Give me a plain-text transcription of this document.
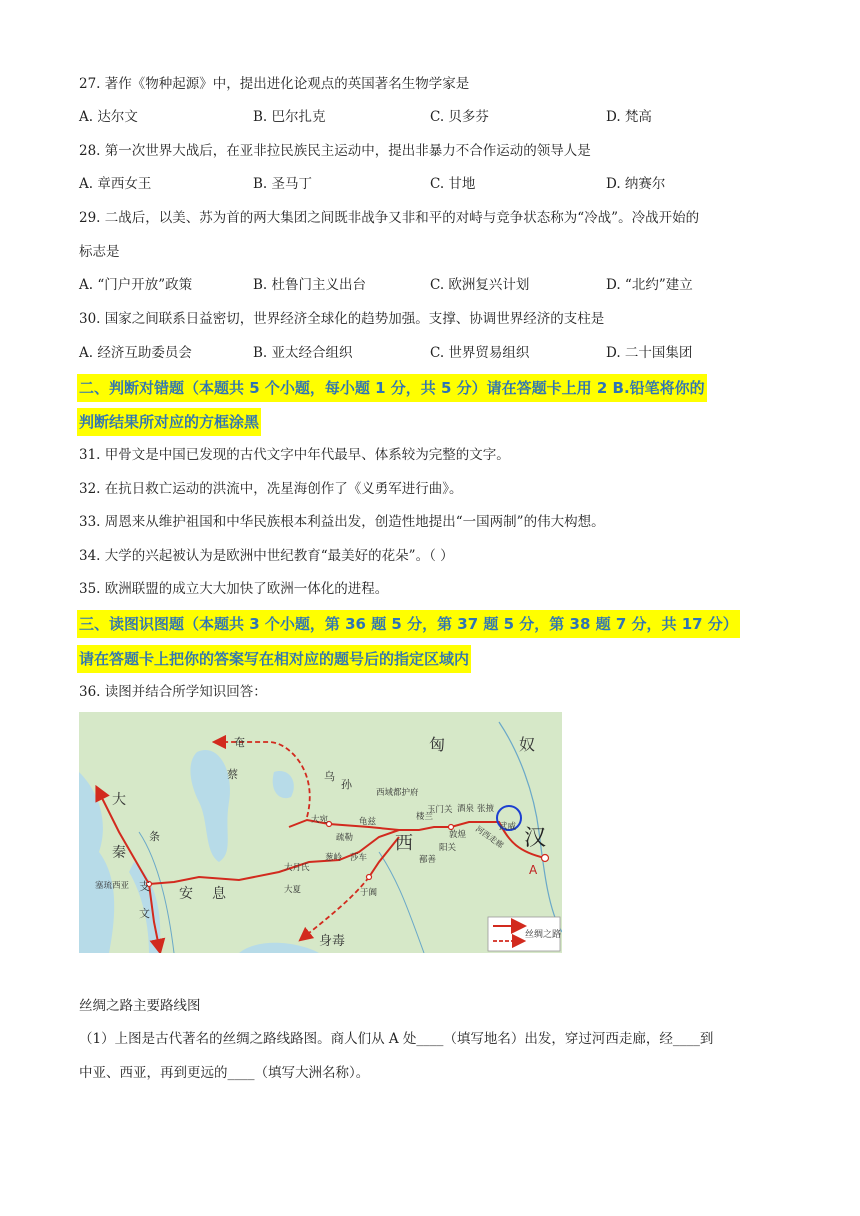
27. 著作《物种起源》中，提出进化论观点的英国著名生物学家是
A. 达尔文	B. 巴尔扎克	C. 贝多芬	D. 梵高
28. 第一次世界大战后，在亚非拉民族民主运动中，提出非暴力不合作运动的领导人是
A. 章西女王	B. 圣马丁	C. 甘地	D. 纳赛尔
29. 二战后，以美、苏为首的两大集团之间既非战争又非和平的对峙与竞争状态称为“冷战”。冷战开始的
标志是
A. “门户开放”政策	B. 杜鲁门主义出台	C. 欧洲复兴计划	D. “北约”建立
30. 国家之间联系日益密切，世界经济全球化的趋势加强。支撑、协调世界经济的支柱是
A. 经济互助委员会	B. 亚太经合组织	C. 世界贸易组织	D. 二十国集团
二、判断对错题（本题共 5 个小题，每小题 1 分，共 5 分）请在答题卡上用 2 B.铅笔将你的
判断结果所对应的方框涂黑
31. 甲骨文是中国已发现的古代文字中年代最早、体系较为完整的文字。
32. 在抗日救亡运动的洪流中，冼星海创作了《义勇军进行曲》。
33. 周恩来从维护祖国和中华民族根本利益出发，创造性地提出“一国两制”的伟大构想。
34. 大学的兴起被认为是欧洲中世纪教育“最美好的花朵”。（ ）
35. 欧洲联盟的成立大大加快了欧洲一体化的进程。
三、读图识图题（本题共 3 个小题，第 36 题 5 分，第 37 题 5 分，第 38 题 7 分，共 17 分）
请在答题卡上把你的答案写在相对应的题号后的指定区域内
36. 读图并结合所学知识回答：
匈	奴
汉
西
大
秦
条
支
文
安 息
奄
蔡	乌
孙
身毒
大宛
疏勒
葱岭 莎车
于阗
大月氏
大夏
龟兹	楼兰
西域都护府
玉门关
敦煌
阳关
酒泉 张掖
武威
河西走廊
鄯善
塞琉西亚
A
丝绸之路
丝绸之路主要路线图
（1）上图是古代著名的丝绸之路线路图。商人们从 A 处____（填写地名）出发，穿过河西走廊，经____到
中亚、西亚，再到更远的____（填写大洲名称）。
